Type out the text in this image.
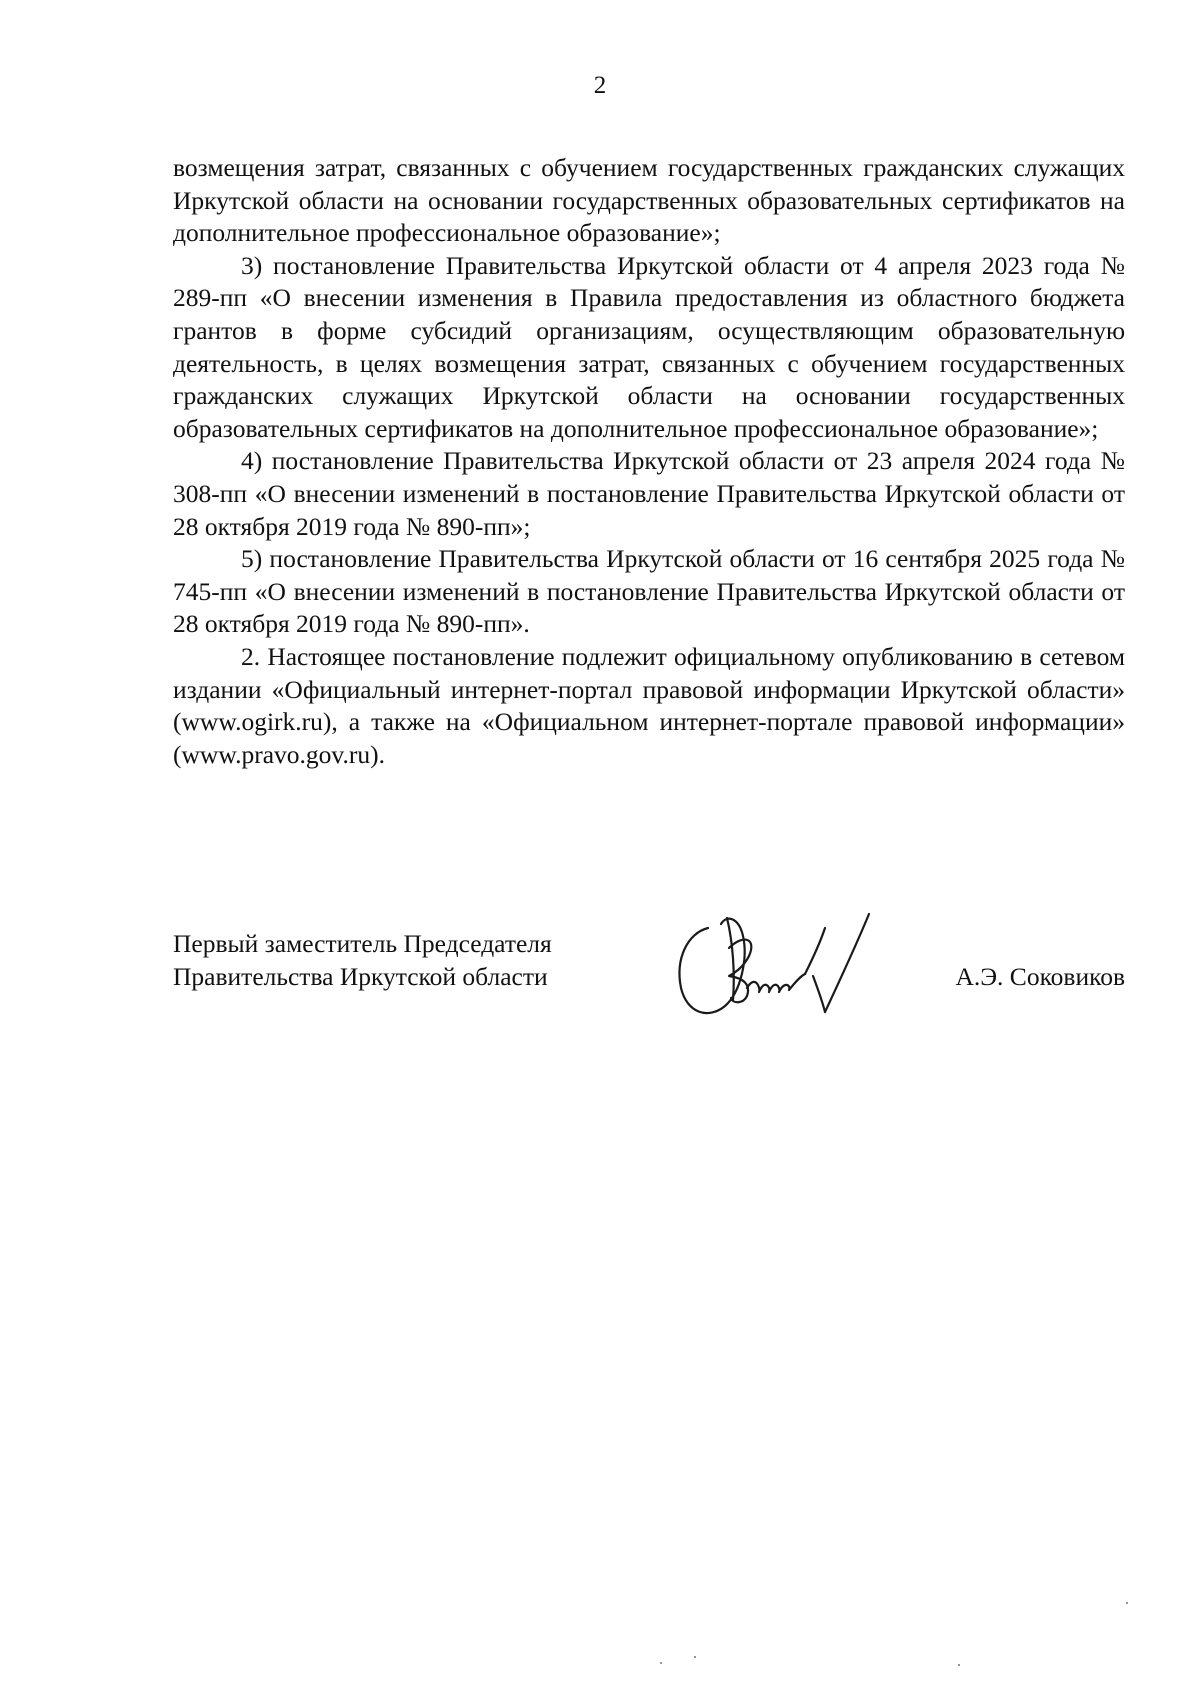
2

возмещения затрат, связанных с обучением государственных гражданских служащих Иркутской области на основании государственных образовательных сертификатов на дополнительное профессиональное образование»;

3) постановление Правительства Иркутской области от 4 апреля 2023 года № 289-пп «О внесении изменения в Правила предоставления из областного бюджета грантов в форме субсидий организациям, осуществляющим образовательную деятельность, в целях возмещения затрат, связанных с обучением государственных гражданских служащих Иркутской области на основании государственных образовательных сертификатов на дополнительное профессиональное образование»;

4) постановление Правительства Иркутской области от 23 апреля 2024 года № 308-пп «О внесении изменений в постановление Правительства Иркутской области от 28 октября 2019 года № 890-пп»;

5) постановление Правительства Иркутской области от 16 сентября 2025 года № 745-пп «О внесении изменений в постановление Правительства Иркутской области от 28 октября 2019 года № 890-пп».

2. Настоящее постановление подлежит официальному опубликованию в сетевом издании «Официальный интернет-портал правовой информации Иркутской области» (www.ogirk.ru), а также на «Официальном интернет-портале правовой информации» (www.pravo.gov.ru).

Первый заместитель Председателя
Правительства Иркутской области	А.Э. Соковиков
